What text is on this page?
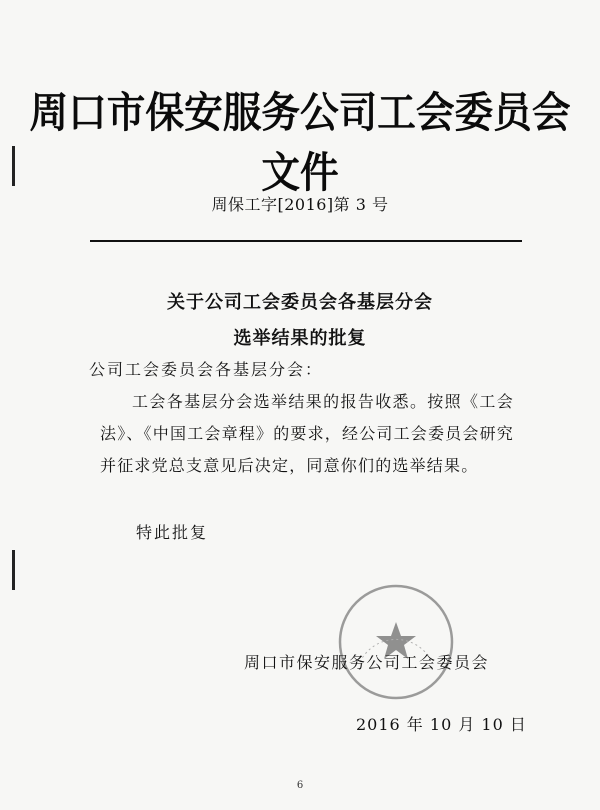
周口市保安服务公司工会委员会文件
周保工字[2016]第 3 号
关于公司工会委员会各基层分会
选举结果的批复
公司工会委员会各基层分会：
工会各基层分会选举结果的报告收悉。按照《工会法》、《中国工会章程》的要求，经公司工会委员会研究并征求党总支意见后决定，同意你们的选举结果。
特此批复
周口市保安服务公司工会委员会
2016 年 10 月 10 日
6
